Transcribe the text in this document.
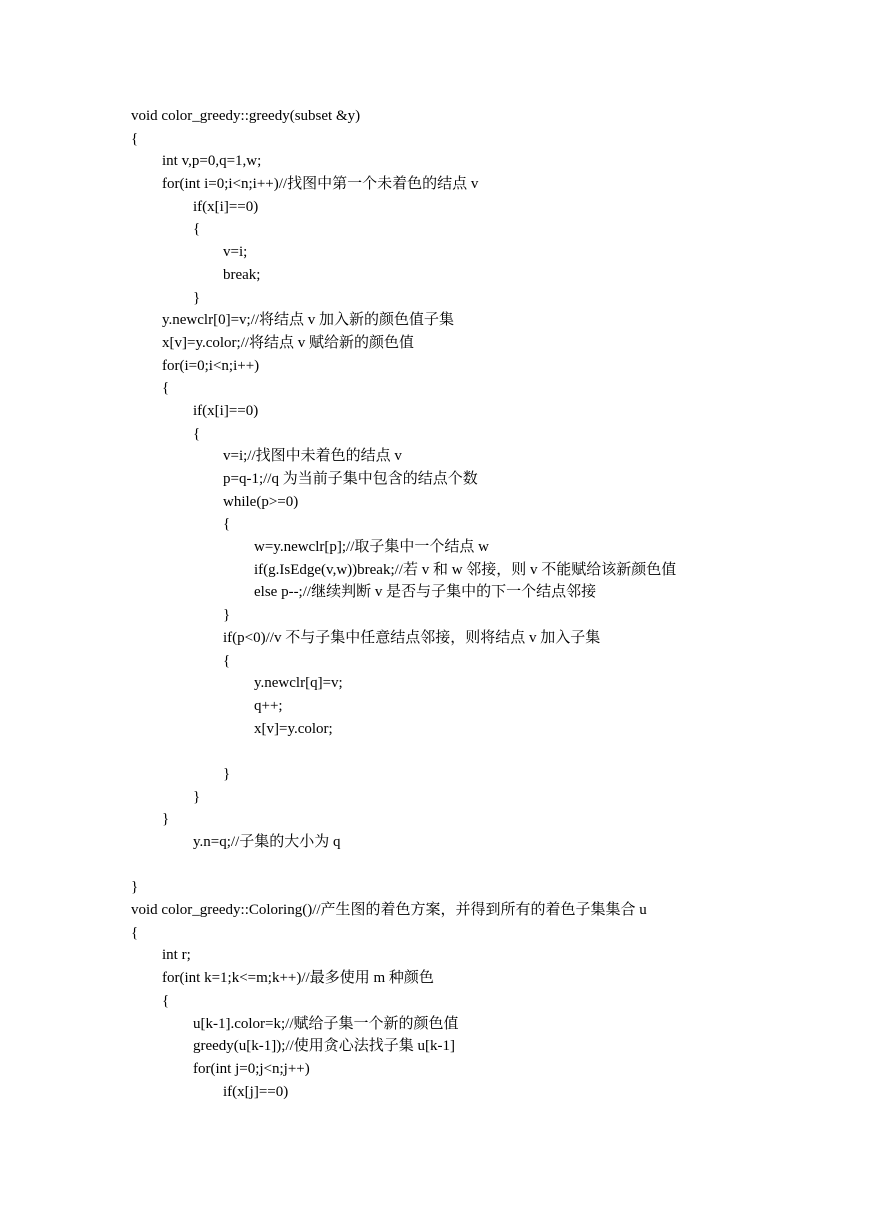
void color_greedy::greedy(subset &y)
{
int v,p=0,q=1,w;
for(int i=0;i<n;i++)//找图中第一个未着色的结点 v
if(x[i]==0)
{
v=i;
break;
}
y.newclr[0]=v;//将结点 v 加入新的颜色值子集
x[v]=y.color;//将结点 v 赋给新的颜色值
for(i=0;i<n;i++)
{
if(x[i]==0)
{
v=i;//找图中未着色的结点 v
p=q-1;//q 为当前子集中包含的结点个数
while(p>=0)
{
w=y.newclr[p];//取子集中一个结点 w
if(g.IsEdge(v,w))break;//若 v 和 w 邻接，则 v 不能赋给该新颜色值
else p--;//继续判断 v 是否与子集中的下一个结点邻接
}
if(p<0)//v 不与子集中任意结点邻接，则将结点 v 加入子集
{
y.newclr[q]=v;
q++;
x[v]=y.color;
}
}
}
y.n=q;//子集的大小为 q
}
void color_greedy::Coloring()//产生图的着色方案，并得到所有的着色子集集合 u
{
int r;
for(int k=1;k<=m;k++)//最多使用 m 种颜色
{
u[k-1].color=k;//赋给子集一个新的颜色值
greedy(u[k-1]);//使用贪心法找子集 u[k-1]
for(int j=0;j<n;j++)
if(x[j]==0)
